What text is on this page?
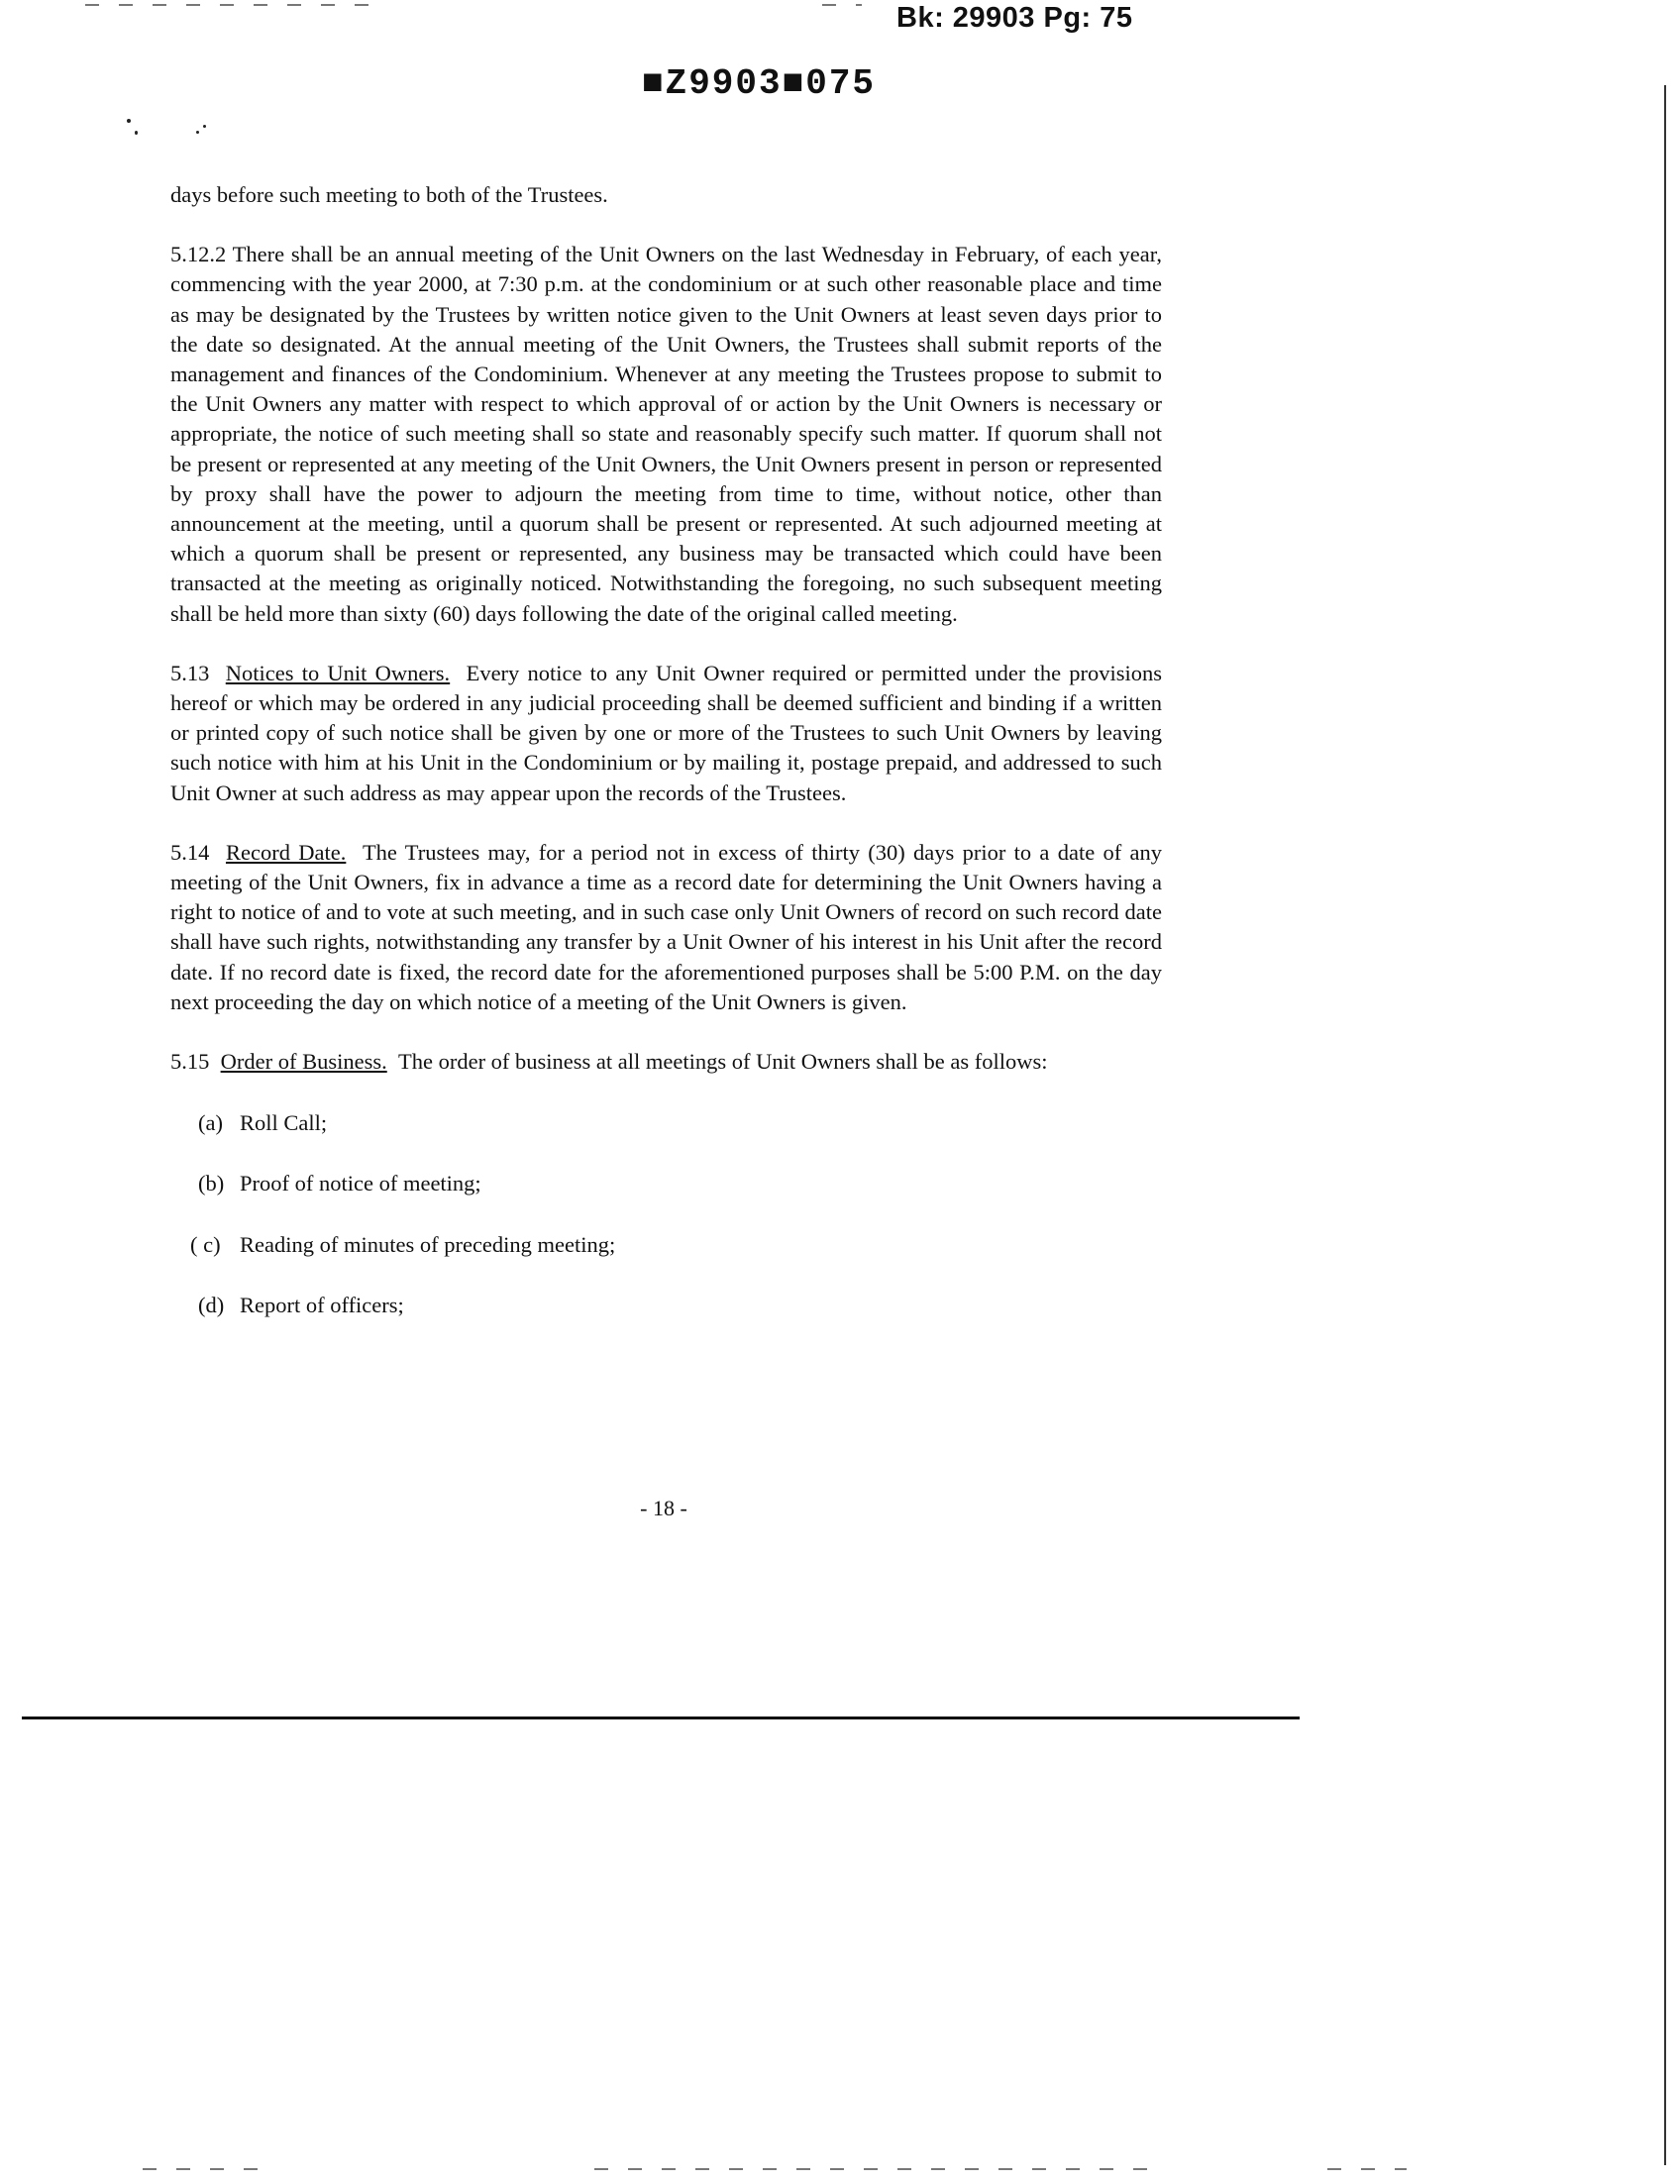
Bk: 29903 Pg: 75
■Z9903■075

days before such meeting to both of the Trustees.

5.12.2 There shall be an annual meeting of the Unit Owners on the last Wednesday in February, of each year, commencing with the year 2000, at 7:30 p.m. at the condominium or at such other reasonable place and time as may be designated by the Trustees by written notice given to the Unit Owners at least seven days prior to the date so designated. At the annual meeting of the Unit Owners, the Trustees shall submit reports of the management and finances of the Condominium. Whenever at any meeting the Trustees propose to submit to the Unit Owners any matter with respect to which approval of or action by the Unit Owners is necessary or appropriate, the notice of such meeting shall so state and reasonably specify such matter. If quorum shall not be present or represented at any meeting of the Unit Owners, the Unit Owners present in person or represented by proxy shall have the power to adjourn the meeting from time to time, without notice, other than announcement at the meeting, until a quorum shall be present or represented. At such adjourned meeting at which a quorum shall be present or represented, any business may be transacted which could have been transacted at the meeting as originally noticed. Notwithstanding the foregoing, no such subsequent meeting shall be held more than sixty (60) days following the date of the original called meeting.

5.13 Notices to Unit Owners. Every notice to any Unit Owner required or permitted under the provisions hereof or which may be ordered in any judicial proceeding shall be deemed sufficient and binding if a written or printed copy of such notice shall be given by one or more of the Trustees to such Unit Owners by leaving such notice with him at his Unit in the Condominium or by mailing it, postage prepaid, and addressed to such Unit Owner at such address as may appear upon the records of the Trustees.

5.14 Record Date. The Trustees may, for a period not in excess of thirty (30) days prior to a date of any meeting of the Unit Owners, fix in advance a time as a record date for determining the Unit Owners having a right to notice of and to vote at such meeting, and in such case only Unit Owners of record on such record date shall have such rights, notwithstanding any transfer by a Unit Owner of his interest in his Unit after the record date. If no record date is fixed, the record date for the aforementioned purposes shall be 5:00 P.M. on the day next proceeding the day on which notice of a meeting of the Unit Owners is given.

5.15 Order of Business. The order of business at all meetings of Unit Owners shall be as follows:

(a) Roll Call;
(b) Proof of notice of meeting;
( c) Reading of minutes of preceding meeting;
(d) Report of officers;
- 18 -
